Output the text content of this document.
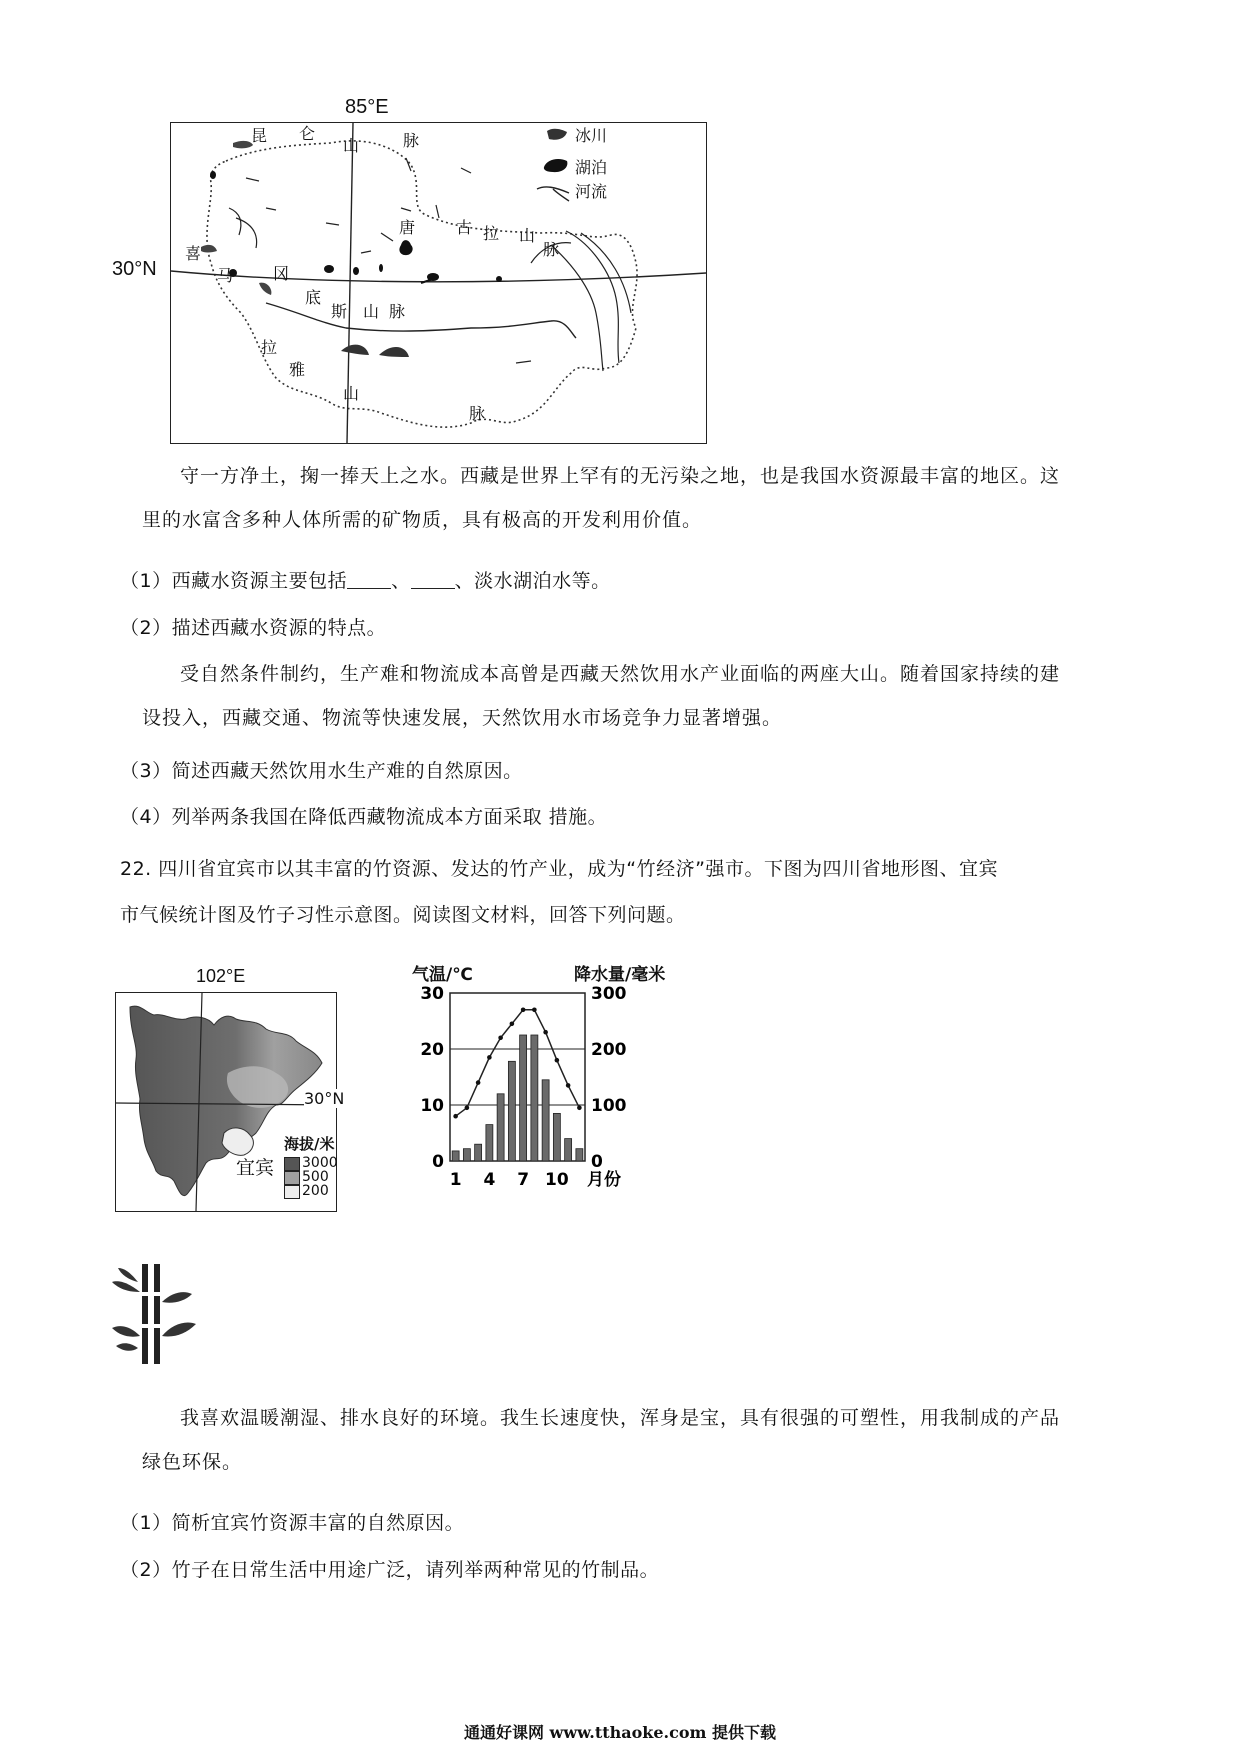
85°E
30°N
冰川
湖泊
河流
昆 仑
山	脉
唐	古 拉 山
脉
冈
底
斯 山 脉
喜
马
拉
雅
山
脉
守一方净土，掬一捧天上之水。西藏是世界上罕有的无污染之地，也是我国水资源最丰富的地区。这
里的水富含多种人体所需的矿物质，具有极高的开发利用价值。
（1）西藏水资源主要包括 、 、淡水湖泊水等。
（2）描述西藏水资源的特点。
受自然条件制约，生产难和物流成本高曾是西藏天然饮用水产业面临的两座大山。随着国家持续的建
设投入，西藏交通、物流等快速发展，天然饮用水市场竞争力显著增强。
（3）简述西藏天然饮用水生产难的自然原因。
（4）列举两条我国在降低西藏物流成本方面采取 措施。
22. 四川省宜宾市以其丰富的竹资源、发达的竹产业，成为“竹经济”强市。下图为四川省地形图、宜宾
市气候统计图及竹子习性示意图。阅读图文材料，回答下列问题。
102°E
宜宾
30°N
海拔/米
3000
500
200
气温/℃	降水量/毫米
0
10
20
30
0
100
200
300
1 4 7 10 月份
我喜欢温暖潮湿、排水良好的环境。我生长速度快，浑身是宝，具有很强的可塑性，用我制成的产品
绿色环保。
（1）简析宜宾竹资源丰富的自然原因。
（2）竹子在日常生活中用途广泛，请列举两种常见的竹制品。
通通好课网 www.tthaoke.com 提供下载
